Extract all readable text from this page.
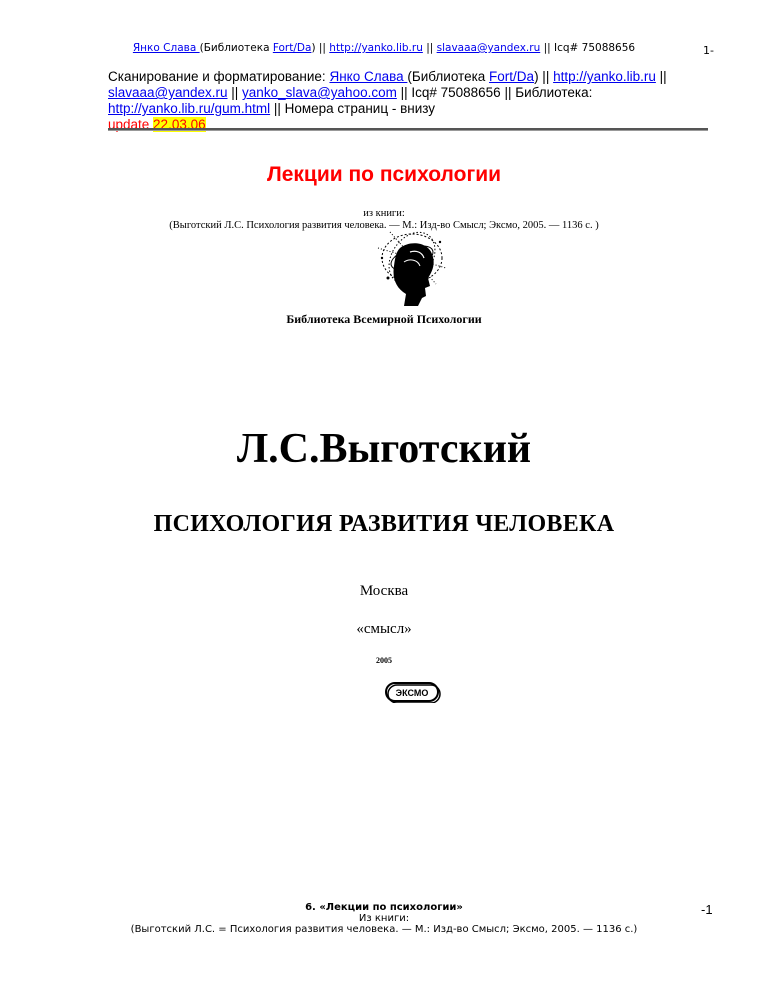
Янко Слава (Библиотека Fort/Da) || http://yanko.lib.ru || slavaaa@yandex.ru || Icq# 75088656	1-
Сканирование и форматирование: Янко Слава (Библиотека Fort/Da) || http://yanko.lib.ru ||
slavaaa@yandex.ru || yanko_slava@yahoo.com || Icq# 75088656 || Библиотека:
http://yanko.lib.ru/gum.html || Номера страниц - внизу
update 22.03.06
Лекции по психологии
из книги:
(Выготский Л.С. Психология развития человека. — М.: Изд-во Смысл; Эксмо, 2005. — 1136 с. )
Библиотека Всемирной Психологии
Л.С.Выготский
ПСИХОЛОГИЯ РАЗВИТИЯ ЧЕЛОВЕКА
Москва
«смысл»
2005
ЭКСМО
6. «Лекции по психологии»
Из книги:
(Выготский Л.С. = Психология развития человека. — М.: Изд-во Смысл; Эксмо, 2005. — 1136 с.)
-1
